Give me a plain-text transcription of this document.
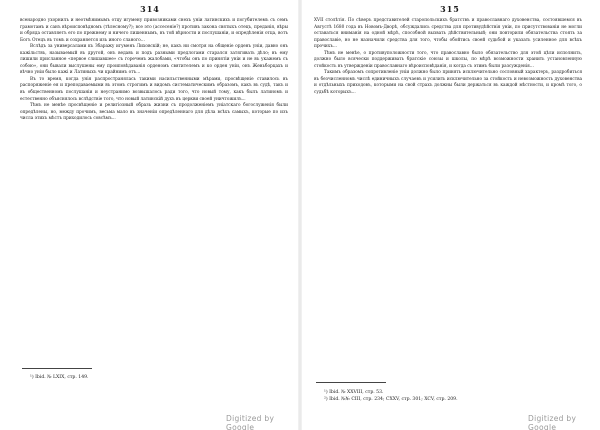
314

всенародно ухорнилъ и неотмѣнимымъ отцу игумену привозниками снехъ уніи латинскихъ и погубителемъ съ семъ грамотамъ и санъ вѣроисповѣдномъ (тѣлесному?); все это (ассесеніе?) противъ закона святыхъ отецъ, преданія, вѣры и обряда оставляетъ его по прежнему и ничего лишеннымъ, въ той вѣрности и послушаніи, и опредѣленія отца, вотъ Богъ Отецъ въ томъ и сохраняется изъ иного сланого...

Вслѣдъ за универсалами къ Збаражу игуменъ Лиховскій; не, какъ ни смотря на общеніе орденъ уніи, давно онъ кажільствъ, называемый въ другой, онъ ведавъ и подъ разными предлогами старался затягивать дѣло; въ ему лишили присланное «первое слишавшее» съ горечемъ жалобами, «чтобы онъ по принятіи уніи и не въ укажемъ съ собою», они бывали выслушены ему проиповѣдаванія орденомъ святителемъ и ко орден уніи, онъ Женьборцахъ и вѣчно уніи было кажі и Латиныхъ чи крайнимъ отъ...

Въ то время, когда унія распространялась такими насильственными мѣрами, просвѣщеніе ставилось въ распоряженіе ея и преподаваемыми въ этомъ строгимъ и видомъ систематическимъ образомъ, какъ въ судѣ, такъ и въ общественномъ послушаніи и неустранимо возвышалось ради того, что новый тому, какъ былъ латиномъ и естественно объяснялось вслѣдствіе того, что новый латинскій духъ въ церкви своей уничтожилъ...

Тѣмъ не менѣе просвѣщеніе и религіозный образъ жизни съ продолженіемъ уніатскаго богослуженія были опредѣлены, но, между прочимъ, весьма мало въ значеніи опредѣленнаго для дѣла всѣхъ самыхъ, которые по изъ числа этихъ мѣстъ приходилось совсѣмъ...

¹) Ibid. № LXIX, стр. 149.
Digitized by Google
315

XVII столѣтія. По сѣверъ представителей старопольскихъ братствъ и православнаго духовенства, состоявшемся въ Августѣ 1680 года въ Новомъ-Дворѣ, обсуждались средства для противудѣйствія уніи, по присутствованіи не могли оставаться вниманія на одной мѣрѣ, способной вызвать дѣйствительный; они повторили обязательства стоять за православіе, но не назначили средства для того, чтобы обойтись своей судьбой и указать усиленное для всѣхъ прочихъ...

Тѣмъ не менѣе, о противуположности того, что православно было обязательство для этой цѣли исполнить, должно было всячески поддерживать братскіе союзы и школы, по мѣрѣ возможности хранить установленную стойкость въ утвержденіи православнаго вѣроисповѣданія, и когда съ этимъ были разсужденія...

Такимъ образомъ сопротивленіе уніи должно было принять исключительно сословный характеръ, раздробиться въ безчисленномъ числѣ единичныхъ случаевъ и усилить исключительно за стойкость и невозможность духовенства и отдѣльныхъ приходовъ, которыми на свой страхъ должны были держаться въ каждой мѣстности, и кромѣ того, о судьбѣ которыхъ...

¹) Ibid. № XXVIII, стр. 53.
²) Ibid. №№ CIII, стр. 234; CXXV, стр. 301; XCV, стр. 209.
Digitized by Google
